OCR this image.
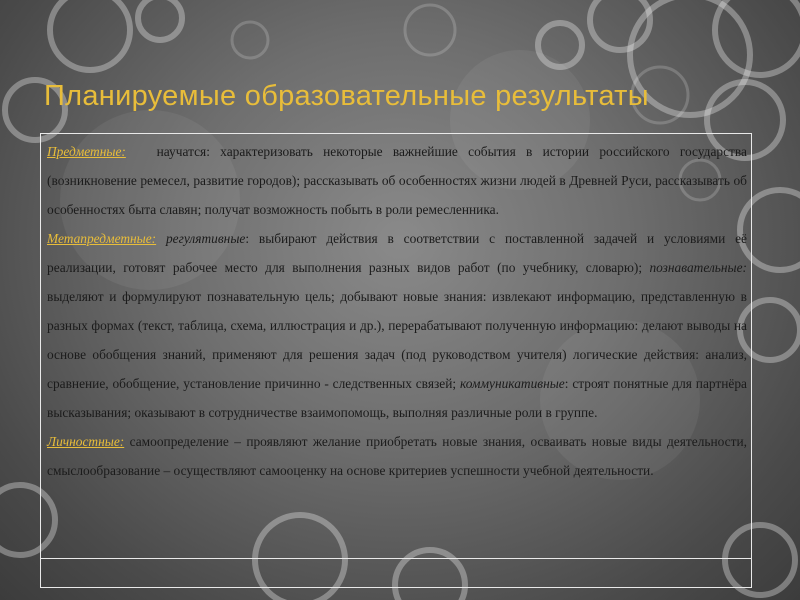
Планируемые образовательные результаты

Предметные: научатся: характеризовать некоторые важнейшие события в истории российского государства (возникновение ремесел, развитие городов); рассказывать об особенностях жизни людей в Древней Руси, рассказывать об особенностях быта славян; получат возможность побыть в роли ремесленника.

Метапредметные: регулятивные: выбирают действия в соответствии с поставленной задачей и условиями её реализации, готовят рабочее место для выполнения разных видов работ (по учебнику, словарю); познавательные: выделяют и формулируют познавательную цель; добывают новые знания: извлекают информацию, представленную в разных формах (текст, таблица, схема, иллюстрация и др.), перерабатывают полученную информацию: делают выводы на основе обобщения знаний, применяют для решения задач (под руководством учителя) логические действия: анализ, сравнение, обобщение, установление причинно - следственных связей; коммуникативные: строят понятные для партнёра высказывания; оказывают в сотрудничестве взаимопомощь, выполняя различные роли в группе.

Личностные: самоопределение – проявляют желание приобретать новые знания, осваивать новые виды деятельности, смыслообразование – осуществляют самооценку на основе критериев успешности учебной деятельности.
